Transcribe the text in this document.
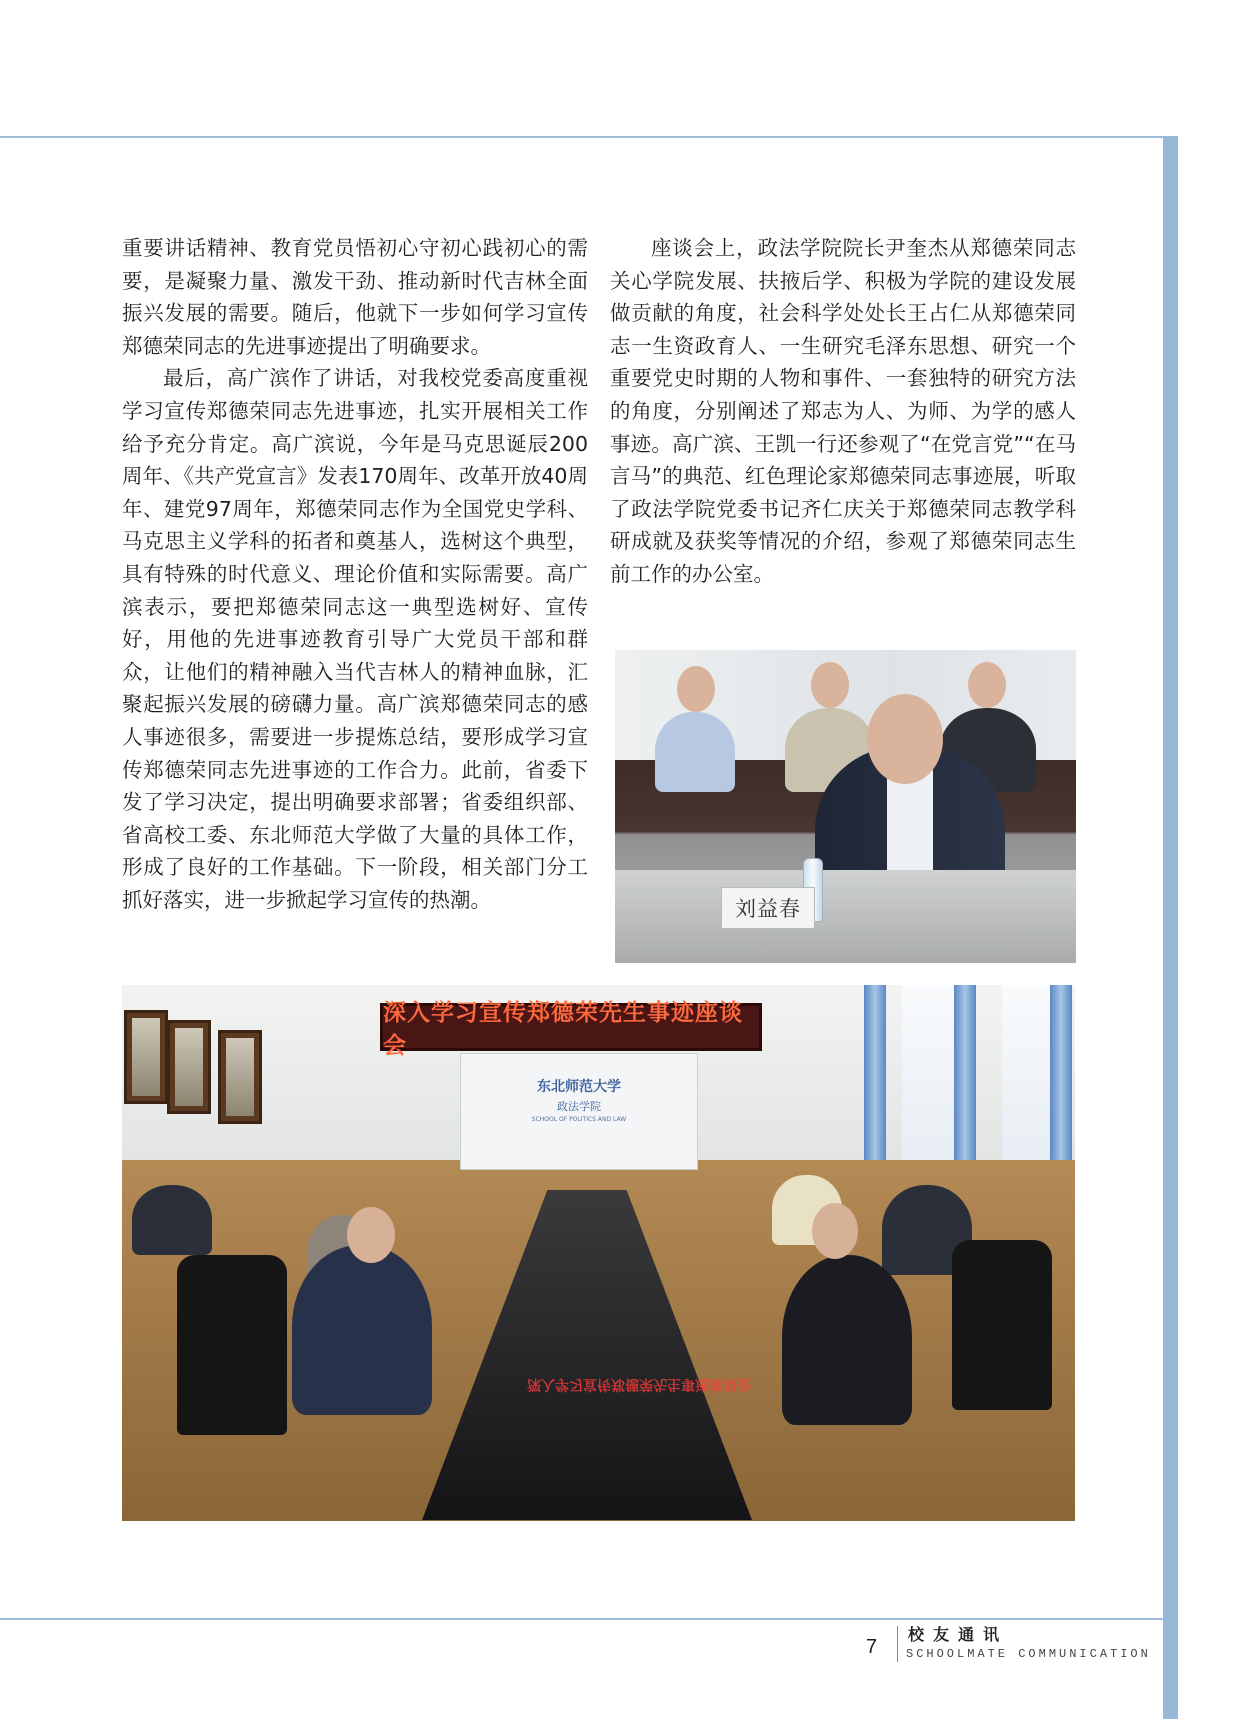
重要讲话精神、教育党员悟初心守初心践初心的需要，是凝聚力量、激发干劲、推动新时代吉林全面振兴发展的需要。随后，他就下一步如何学习宣传郑德荣同志的先进事迹提出了明确要求。

最后，高广滨作了讲话，对我校党委高度重视学习宣传郑德荣同志先进事迹，扎实开展相关工作给予充分肯定。高广滨说，今年是马克思诞辰200周年、《共产党宣言》发表170周年、改革开放40周年、建党97周年，郑德荣同志作为全国党史学科、马克思主义学科的拓者和奠基人，选树这个典型，具有特殊的时代意义、理论价值和实际需要。高广滨表示，要把郑德荣同志这一典型选树好、宣传好，用他的先进事迹教育引导广大党员干部和群众，让他们的精神融入当代吉林人的精神血脉，汇聚起振兴发展的磅礴力量。高广滨郑德荣同志的感人事迹很多，需要进一步提炼总结，要形成学习宣传郑德荣同志先进事迹的工作合力。此前，省委下发了学习决定，提出明确要求部署；省委组织部、省高校工委、东北师范大学做了大量的具体工作，形成了良好的工作基础。下一阶段，相关部门分工抓好落实，进一步掀起学习宣传的热潮。

座谈会上，政法学院院长尹奎杰从郑德荣同志关心学院发展、扶掖后学、积极为学院的建设发展做贡献的角度，社会科学处处长王占仁从郑德荣同志一生资政育人、一生研究毛泽东思想、研究一个重要党史时期的人物和事件、一套独特的研究方法的角度，分别阐述了郑志为人、为师、为学的感人事迹。高广滨、王凯一行还参观了“在党言党”“在马言马”的典范、红色理论家郑德荣同志事迹展，听取了政法学院党委书记齐仁庆关于郑德荣同志教学科研成就及获奖等情况的介绍，参观了郑德荣同志生前工作的办公室。

刘益春
深入学习宣传郑德荣先生事迹座谈会
东北师范大学
政法学院
SCHOOL OF POLITICS AND LAW
深入学习宣传郑德荣先生事迹座谈会
7
校友通讯
SCHOOLMATE COMMUNICATION
